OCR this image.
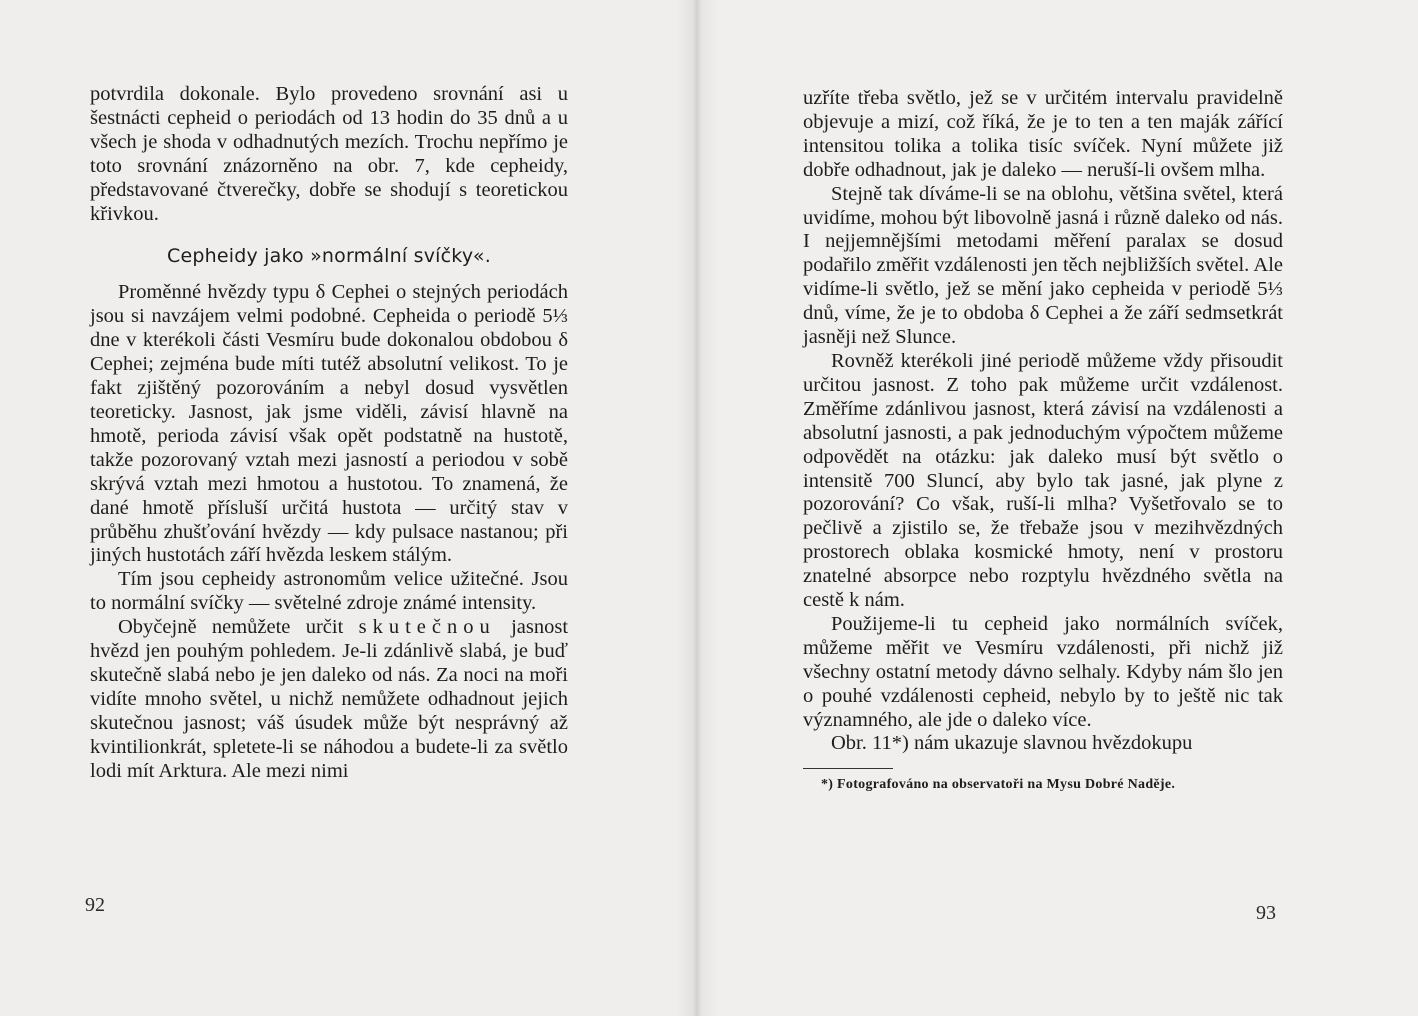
potvrdila dokonale. Bylo provedeno srovnání asi u šestnácti cepheid o periodách od 13 hodin do 35 dnů a u všech je shoda v odhadnutých mezích. Trochu nepřímo je toto srovnání znázorněno na obr. 7, kde cepheidy, představované čtverečky, dobře se shodují s teoretickou křivkou.

Cepheidy jako »normální svíčky«.

Proměnné hvězdy typu δ Cephei o stejných periodách jsou si navzájem velmi podobné. Cepheida o periodě 5⅓ dne v kterékoli části Vesmíru bude dokonalou obdobou δ Cephei; zejména bude míti tutéž absolutní velikost. To je fakt zjištěný pozorováním a nebyl dosud vysvětlen teoreticky. Jasnost, jak jsme viděli, závisí hlavně na hmotě, perioda závisí však opět podstatně na hustotě, takže pozorovaný vztah mezi jasností a periodou v sobě skrývá vztah mezi hmotou a hustotou. To znamená, že dané hmotě přísluší určitá hustota — určitý stav v průběhu zhušťování hvězdy — kdy pulsace nastanou; při jiných hustotách září hvězda leskem stálým.

Tím jsou cepheidy astronomům velice užitečné. Jsou to normální svíčky — světelné zdroje známé intensity.

Obyčejně nemůžete určit skutečnou jasnost hvězd jen pouhým pohledem. Je-li zdánlivě slabá, je buď skutečně slabá nebo je jen daleko od nás. Za noci na moři vidíte mnoho světel, u nichž nemůžete odhadnout jejich skutečnou jasnost; váš úsudek může být nesprávný až kvintilionkrát, spletete-li se náhodou a budete-li za světlo lodi mít Arktura. Ale mezi nimi

92

uzříte třeba světlo, jež se v určitém intervalu pravidelně objevuje a mizí, což říká, že je to ten a ten maják zářící intensitou tolika a tolika tisíc svíček. Nyní můžete již dobře odhadnout, jak je daleko — neruší-li ovšem mlha.

Stejně tak díváme-li se na oblohu, většina světel, která uvidíme, mohou být libovolně jasná i různě daleko od nás. I nejjemnějšími metodami měření paralax se dosud podařilo změřit vzdálenosti jen těch nejbližších světel. Ale vidíme-li světlo, jež se mění jako cepheida v periodě 5⅓ dnů, víme, že je to obdoba δ Cephei a že září sedmsetkrát jasněji než Slunce.

Rovněž kterékoli jiné periodě můžeme vždy přisoudit určitou jasnost. Z toho pak můžeme určit vzdálenost. Změříme zdánlivou jasnost, která závisí na vzdálenosti a absolutní jasnosti, a pak jednoduchým výpočtem můžeme odpovědět na otázku: jak daleko musí být světlo o intensitě 700 Sluncí, aby bylo tak jasné, jak plyne z pozorování? Co však, ruší-li mlha? Vyšetřovalo se to pečlivě a zjistilo se, že třebaže jsou v mezihvězdných prostorech oblaka kosmické hmoty, není v prostoru znatelné absorpce nebo rozptylu hvězdného světla na cestě k nám.

Použijeme-li tu cepheid jako normálních svíček, můžeme měřit ve Vesmíru vzdálenosti, při nichž již všechny ostatní metody dávno selhaly. Kdyby nám šlo jen o pouhé vzdálenosti cepheid, nebylo by to ještě nic tak významného, ale jde o daleko více.

Obr. 11*) nám ukazuje slavnou hvězdokupu

*) Fotografováno na observatoři na Mysu Dobré Naděje.

93
